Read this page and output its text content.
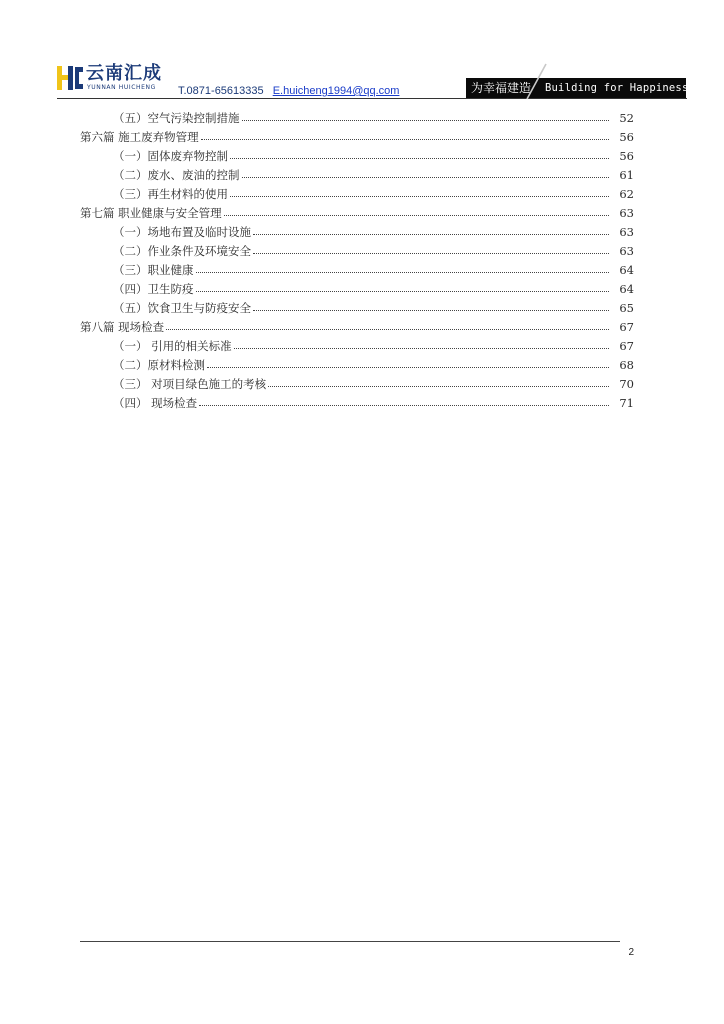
云南汇成
YUNNAN HUICHENG T.0871-65613335 E.huicheng1994@qq.com	为幸福建造 Building for Happiness
（五）空气污染控制措施	52
第六篇 施工废弃物管理	56
（一）固体废弃物控制	56
（二）废水、废油的控制	61
（三）再生材料的使用	62
第七篇 职业健康与安全管理	63
（一）场地布置及临时设施	63
（二）作业条件及环境安全	63
（三）职业健康	64
（四）卫生防疫	64
（五）饮食卫生与防疫安全	65
第八篇 现场检查	67
（一） 引用的相关标准	67
（二）原材料检测	68
（三） 对项目绿色施工的考核	70
（四） 现场检查	71
2
